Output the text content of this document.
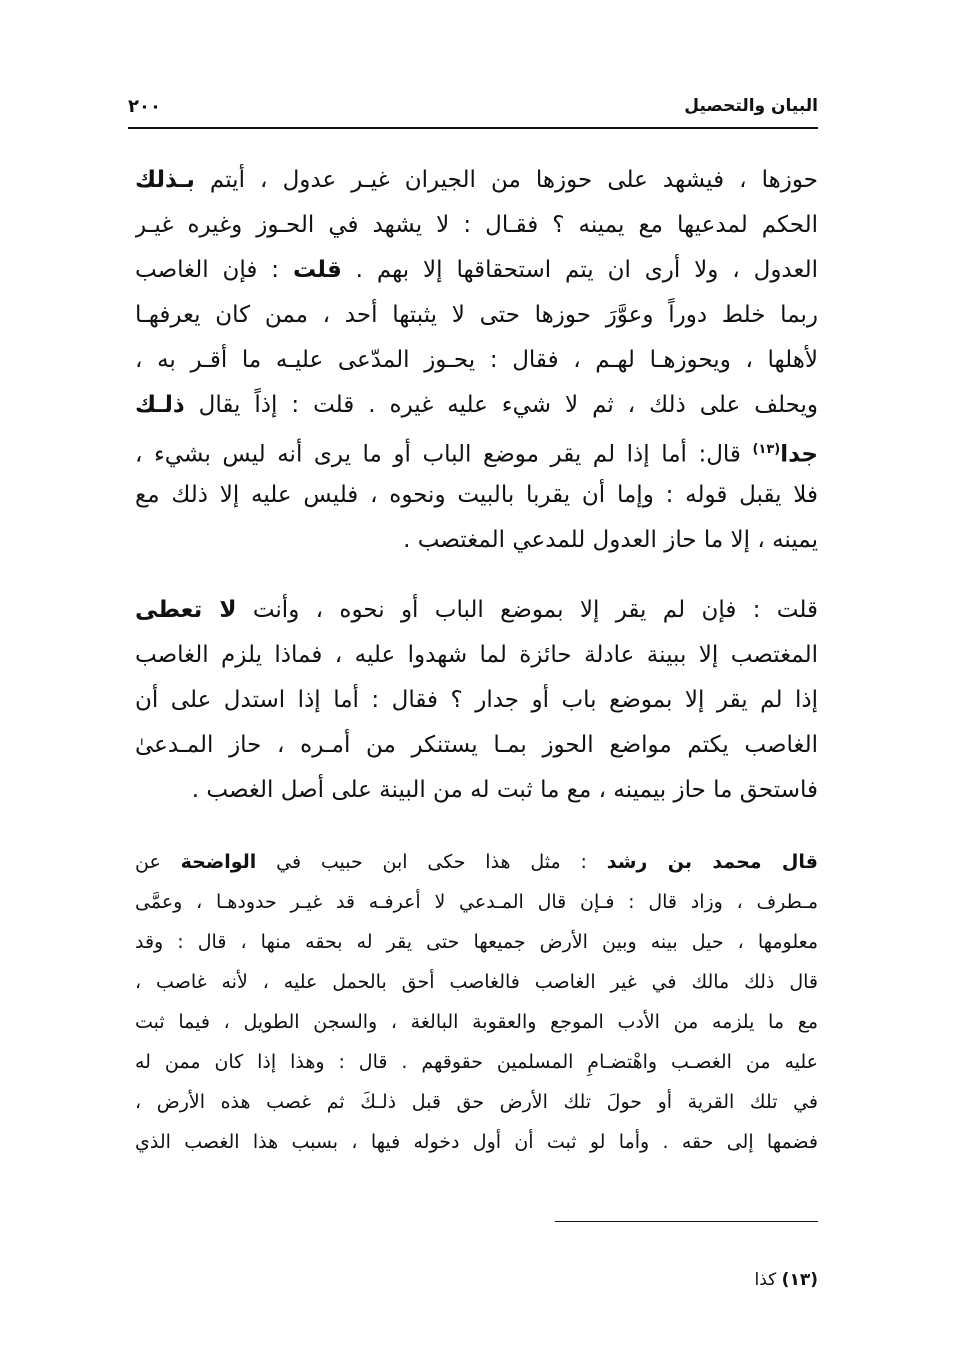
البيان والتحصيل
٢٠٠
حوزها ، فيشهد على حوزها من الجيران غيـر عدول ، أيتم بـذلك
الحكم لمدعيها مع يمينه ؟ فقـال : لا يشهد في الحـوز وغيره غيـر
العدول ، ولا أرى ان يتم استحقاقها إلا بهم . قلت : فإن الغاصب
ربما خلط دوراً وعوَّرَ حوزها حتى لا يثبتها أحد ، ممن كان يعرفهـا
لأهلها ، ويحوزهـا لهـم ، فقال : يحـوز المدّعى عليـه ما أقـر به ،
ويحلف على ذلك ، ثم لا شيء عليه غيره . قلت : إذاً يقال ذلـك
جدا$^{(١٣)}$ قال: أما إذا لم يقر موضع الباب أو ما يرى أنه ليس بشيء ،
فلا يقبل قوله : وإما أن يقربا بالبيت ونحوه ، فليس عليه إلا ذلك مع
يمينه ، إلا ما حاز العدول للمدعي المغتصب .
قلت : فإن لم يقر إلا بموضع الباب أو نحوه ، وأنت لا تعطى
المغتصب إلا ببينة عادلة حائزة لما شهدوا عليه ، فماذا يلزم الغاصب
إذا لم يقر إلا بموضع باب أو جدار ؟ فقال : أما إذا استدل على أن
الغاصب يكتم مواضع الحوز بمـا يستنكر من أمـره ، حاز المـدعىٰ
فاستحق ما حاز بيمينه ، مع ما ثبت له من البينة على أصل الغصب .
قال محمد بن رشد : مثل هذا حكى ابن حبيب في الواضحة عن
مـطرف ، وزاد قال : فـإن قال المـدعي لا أعرفـه قد غيـر حدودهـا ، وعمَّى
معلومها ، حيل بينه وبين الأرض جميعها حتى يقر له بحقه منها ، قال : وقد
قال ذلك مالك في غير الغاصب فالغاصب أحق بالحمل عليه ، لأنه غاصب ،
مع ما يلزمه من الأدب الموجع والعقوبة البالغة ، والسجن الطويل ، فيما ثبت
عليه من الغصـب واهْتضـامِ المسلمين حقوقهم . قال : وهذا إذا كان ممن له
في تلك القرية أو حولَ تلك الأرض حق قبل ذلـكَ ثم غصب هذه الأرض ،
فضمها إلى حقه . وأما لو ثبت أن أول دخوله فيها ، بسبب هذا الغصب الذي
(١٣) كذا
